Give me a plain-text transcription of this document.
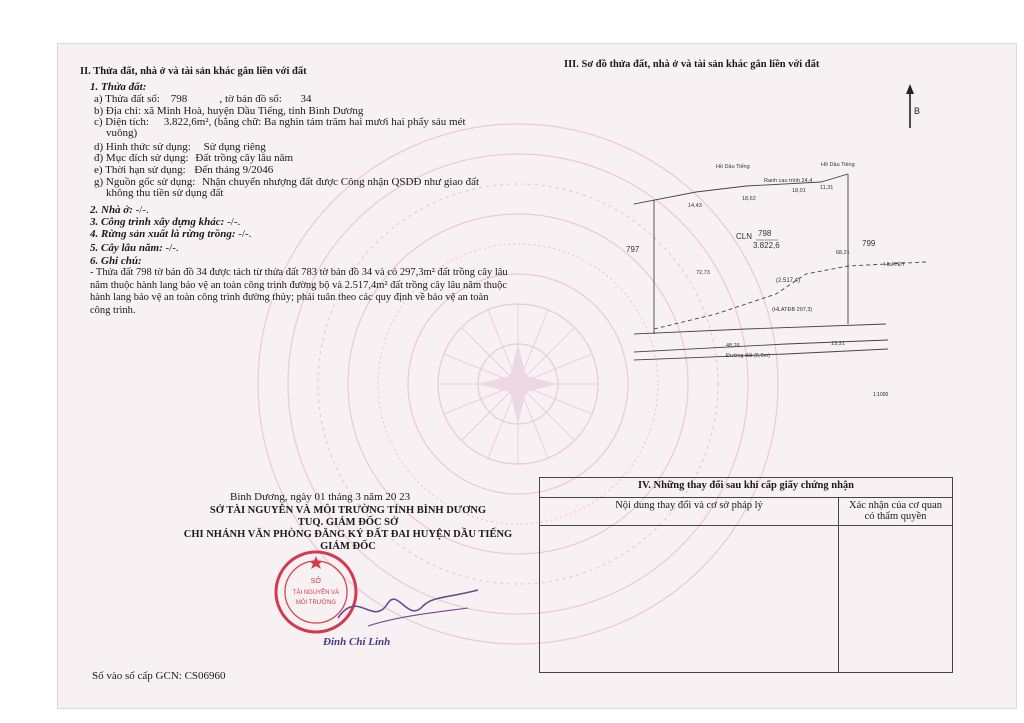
II. Thửa đất, nhà ở và tài sản khác gắn liền với đất
1. Thửa đất:
a) Thửa đất số: 798	, tờ bản đồ số: 34
b) Địa chỉ: xã Minh Hoà, huyện Dầu Tiếng, tỉnh Bình Dương
c) Diện tích: 3.822,6m², (bằng chữ: Ba nghìn tám trăm hai mươi hai phẩy sáu mét
vuông)
d) Hình thức sử dụng: Sử dụng riêng
đ) Mục đích sử dụng: Đất trồng cây lâu năm
e) Thời hạn sử dụng: Đến tháng 9/2046
g) Nguồn gốc sử dụng: Nhận chuyển nhượng đất được Công nhận QSDĐ như giao đất
không thu tiền sử dụng đất
2. Nhà ở: -/-.
3. Công trình xây dựng khác: -/-.
4. Rừng sản xuất là rừng trồng: -/-.
5. Cây lâu năm: -/-.
6. Ghi chú:
- Thửa đất 798 tờ bản đồ 34 được tách từ thửa đất 783 tờ bản đồ 34 và có 297,3m² đất trồng cây lâu năm thuộc hành lang bảo vệ an toàn công trình đường bộ và 2.517,4m² đất trồng cây lâu năm thuộc hành lang bảo vệ an toàn công trình đường thủy; phải tuân theo các quy định về bảo vệ an toàn công trình.
III. Sơ đồ thửa đất, nhà ở và tài sản khác gắn liền với đất
B
Hồ Dầu Tiếng	Hồ Dầu Tiếng
Ranh cao trình 24,4
14,43
18,62
18,01	11,31
72,73
68,21
(HLATĐB 297,3)
HLATĐT
48,26	13,31
Đường đất (5,0m)
797
799
CLN 798
3.822,6
(2.517,4)
1:1000
Bình Dương, ngày 01 tháng 3 năm 20 23
SỞ TÀI NGUYÊN VÀ MÔI TRƯỜNG TỈNH BÌNH DƯƠNG
TUQ. GIÁM ĐỐC SỞ
CHI NHÁNH VĂN PHÒNG ĐĂNG KÝ ĐẤT ĐAI HUYỆN DẦU TIẾNG
GIÁM ĐỐC
SỞ
TÀI NGUYÊN VÀ
MÔI TRƯỜNG
Đinh Chí Linh
Số vào sổ cấp GCN: CS06960
IV. Những thay đổi sau khi cấp giấy chứng nhận	
Nội dung thay đổi và cơ sở pháp lý	Xác nhận của cơ quan có thẩm quyền
